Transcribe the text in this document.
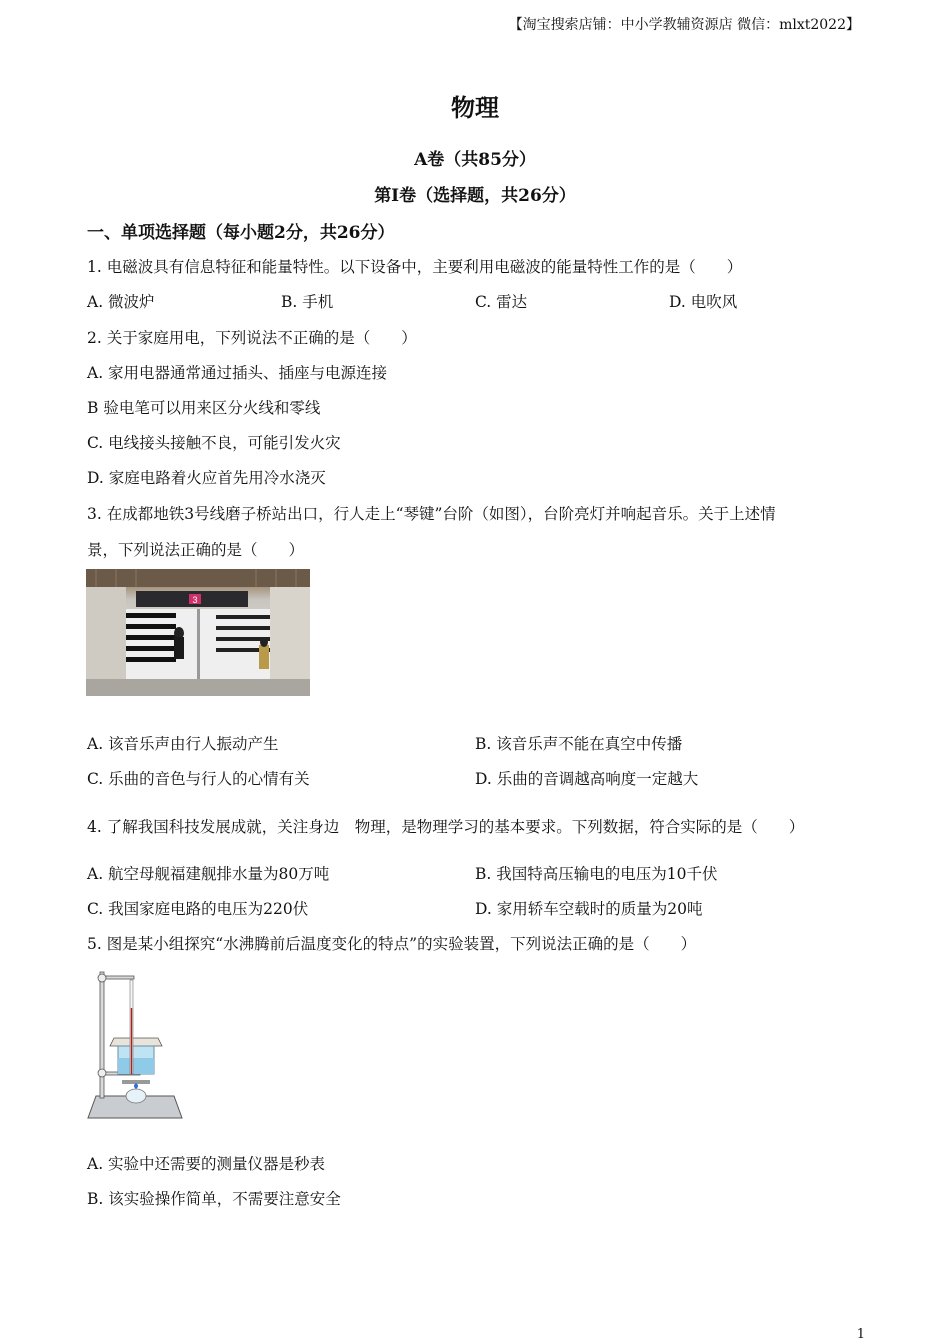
【淘宝搜索店铺：中小学教辅资源店 微信：mlxt2022】
物理
A卷（共85分）
第I卷（选择题，共26分）
一、单项选择题（每小题2分，共26分）
1. 电磁波具有信息特征和能量特性。以下设备中，主要利用电磁波的能量特性工作的是（　　）
A. 微波炉	B. 手机	C. 雷达	D. 电吹风
2. 关于家庭用电，下列说法不正确的是（　　）
A. 家用电器通常通过插头、插座与电源连接
B 验电笔可以用来区分火线和零线
C. 电线接头接触不良，可能引发火灾
D. 家庭电路着火应首先用冷水浇灭
3. 在成都地铁3号线磨子桥站出口，行人走上“琴键”台阶（如图），台阶亮灯并响起音乐。关于上述情
景，下列说法正确的是（　　）
3
A. 该音乐声由行人振动产生	B. 该音乐声不能在真空中传播
C. 乐曲的音色与行人的心情有关	D. 乐曲的音调越高响度一定越大
4. 了解我国科技发展成就，关注身边　物理，是物理学习的基本要求。下列数据，符合实际的是（　　）
A. 航空母舰福建舰排水量为80万吨	B. 我国特高压输电的电压为10千伏
C. 我国家庭电路的电压为220伏	D. 家用轿车空载时的质量为20吨
5. 图是某小组探究“水沸腾前后温度变化的特点”的实验装置，下列说法正确的是（　　）
A. 实验中还需要的测量仪器是秒表
B. 该实验操作简单，不需要注意安全
1
